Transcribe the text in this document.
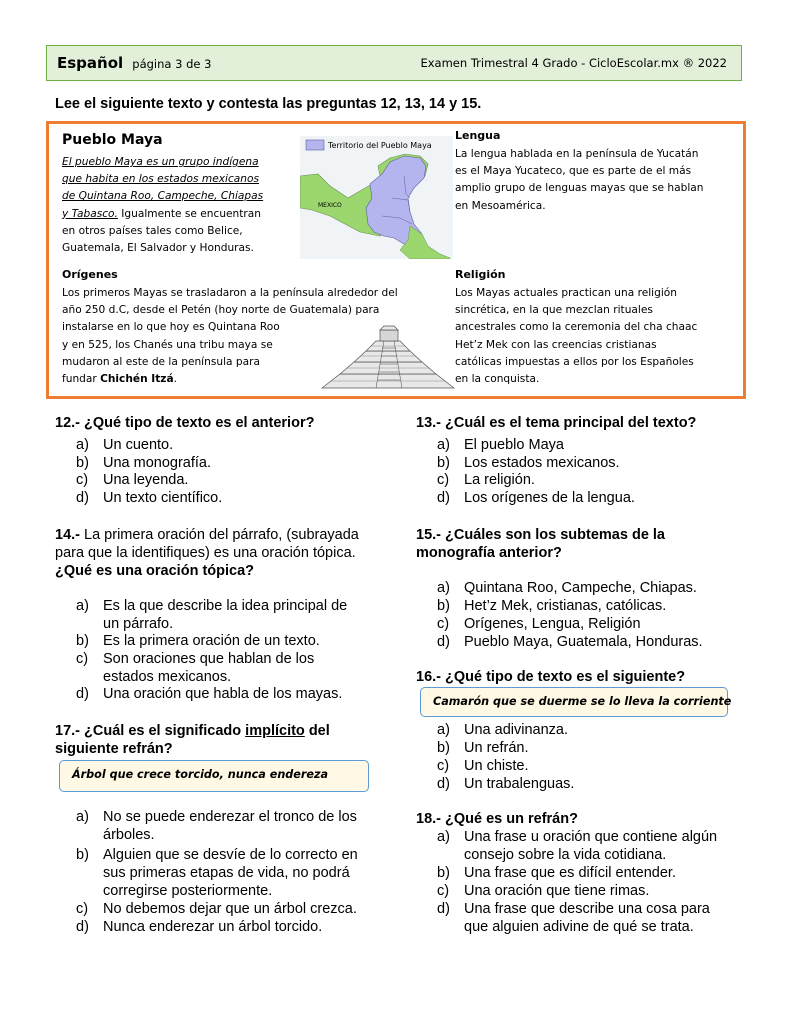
Español página 3 de 3	Examen Trimestral 4 Grado - CicloEscolar.mx ® 2022
Lee el siguiente texto y contesta las preguntas 12, 13, 14 y 15.
Pueblo Maya
El pueblo Maya es un grupo indígena
que habita en los estados mexicanos
de Quintana Roo, Campeche, Chiapas
y Tabasco. Igualmente se encuentran
en otros países tales como Belice,
Guatemala, El Salvador y Honduras.
Territorio del Pueblo Maya
MEXICO
Lengua
La lengua hablada en la península de Yucatán
es el Maya Yucateco, que es parte de el más
amplio grupo de lenguas mayas que se hablan
en Mesoamérica.
Orígenes
Los primeros Mayas se trasladaron a la península alrededor del
año 250 d.C, desde el Petén (hoy norte de Guatemala) para
instalarse en lo que hoy es Quintana Roo
y en 525, los Chanés una tribu maya se
mudaron al este de la península para
fundar Chichén Itzá.
Religión
Los Mayas actuales practican una religión
sincrética, en la que mezclan rituales
ancestrales como la ceremonia del cha chaac
Het’z Mek con las creencias cristianas
católicas impuestas a ellos por los Españoles
en la conquista.
12.- ¿Qué tipo de texto es el anterior?
a) Un cuento.
b) Una monografía.
c) Una leyenda.
d) Un texto científico.
13.- ¿Cuál es el tema principal del texto?
a) El pueblo Maya
b) Los estados mexicanos.
c) La religión.
d) Los orígenes de la lengua.
14.- La primera oración del párrafo, (subrayada
para que la identifiques) es una oración tópica.
¿Qué es una oración tópica?
a) Es la que describe la idea principal de
un párrafo.
b) Es la primera oración de un texto.
c) Son oraciones que hablan de los
estados mexicanos.
d) Una oración que habla de los mayas.
15.- ¿Cuáles son los subtemas de la
monografía anterior?
a) Quintana Roo, Campeche, Chiapas.
b) Het’z Mek, cristianas, católicas.
c) Orígenes, Lengua, Religión
d) Pueblo Maya, Guatemala, Honduras.
16.- ¿Qué tipo de texto es el siguiente?
Camarón que se duerme se lo lleva la corriente
a) Una adivinanza.
b) Un refrán.
c) Un chiste.
d) Un trabalenguas.
17.- ¿Cuál es el significado implícito del
siguiente refrán?
Árbol que crece torcido, nunca endereza
a) No se puede enderezar el tronco de los
árboles.
b) Alguien que se desvíe de lo correcto en
sus primeras etapas de vida, no podrá
corregirse posteriormente.
c) No debemos dejar que un árbol crezca.
d) Nunca enderezar un árbol torcido.
18.- ¿Qué es un refrán?
a) Una frase u oración que contiene algún
consejo sobre la vida cotidiana.
b) Una frase que es difícil entender.
c) Una oración que tiene rimas.
d) Una frase que describe una cosa para
que alguien adivine de qué se trata.
